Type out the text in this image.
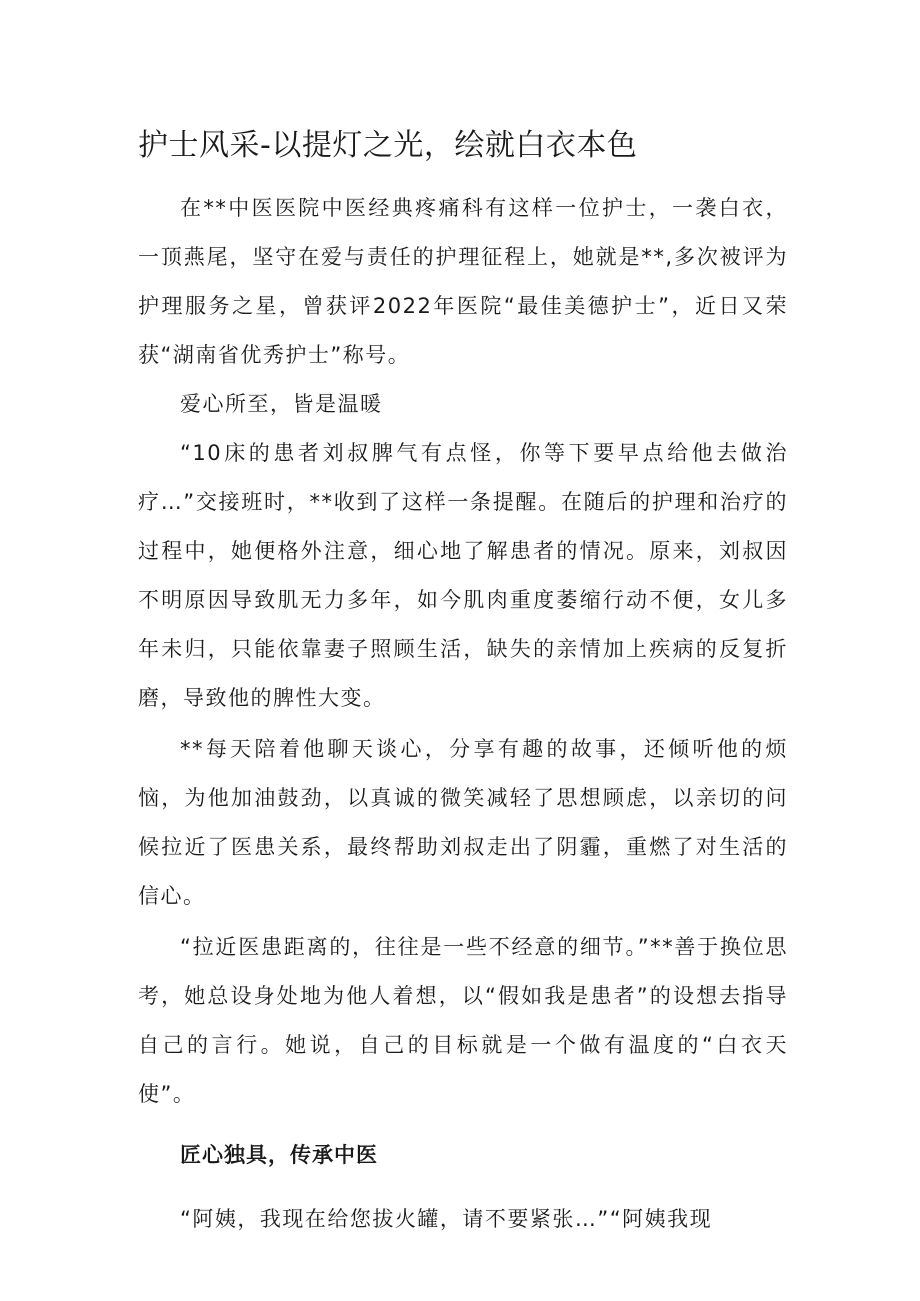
护士风采-以提灯之光，绘就白衣本色

在**中医医院中医经典疼痛科有这样一位护士，一袭白衣，一顶燕尾，坚守在爱与责任的护理征程上，她就是**,多次被评为护理服务之星，曾获评2022年医院“最佳美德护士”，近日又荣获“湖南省优秀护士”称号。

爱心所至，皆是温暖

“10床的患者刘叔脾气有点怪，你等下要早点给他去做治疗…”交接班时，**收到了这样一条提醒。在随后的护理和治疗的过程中，她便格外注意，细心地了解患者的情况。原来，刘叔因不明原因导致肌无力多年，如今肌肉重度萎缩行动不便，女儿多年未归，只能依靠妻子照顾生活，缺失的亲情加上疾病的反复折磨，导致他的脾性大变。

**每天陪着他聊天谈心，分享有趣的故事，还倾听他的烦恼，为他加油鼓劲，以真诚的微笑减轻了思想顾虑，以亲切的问候拉近了医患关系，最终帮助刘叔走出了阴霾，重燃了对生活的信心。

“拉近医患距离的，往往是一些不经意的细节。”**善于换位思考，她总设身处地为他人着想，以“假如我是患者”的设想去指导自己的言行。她说，自己的目标就是一个做有温度的“白衣天使”。

匠心独具，传承中医

“阿姨，我现在给您拔火罐，请不要紧张…”“阿姨我现
